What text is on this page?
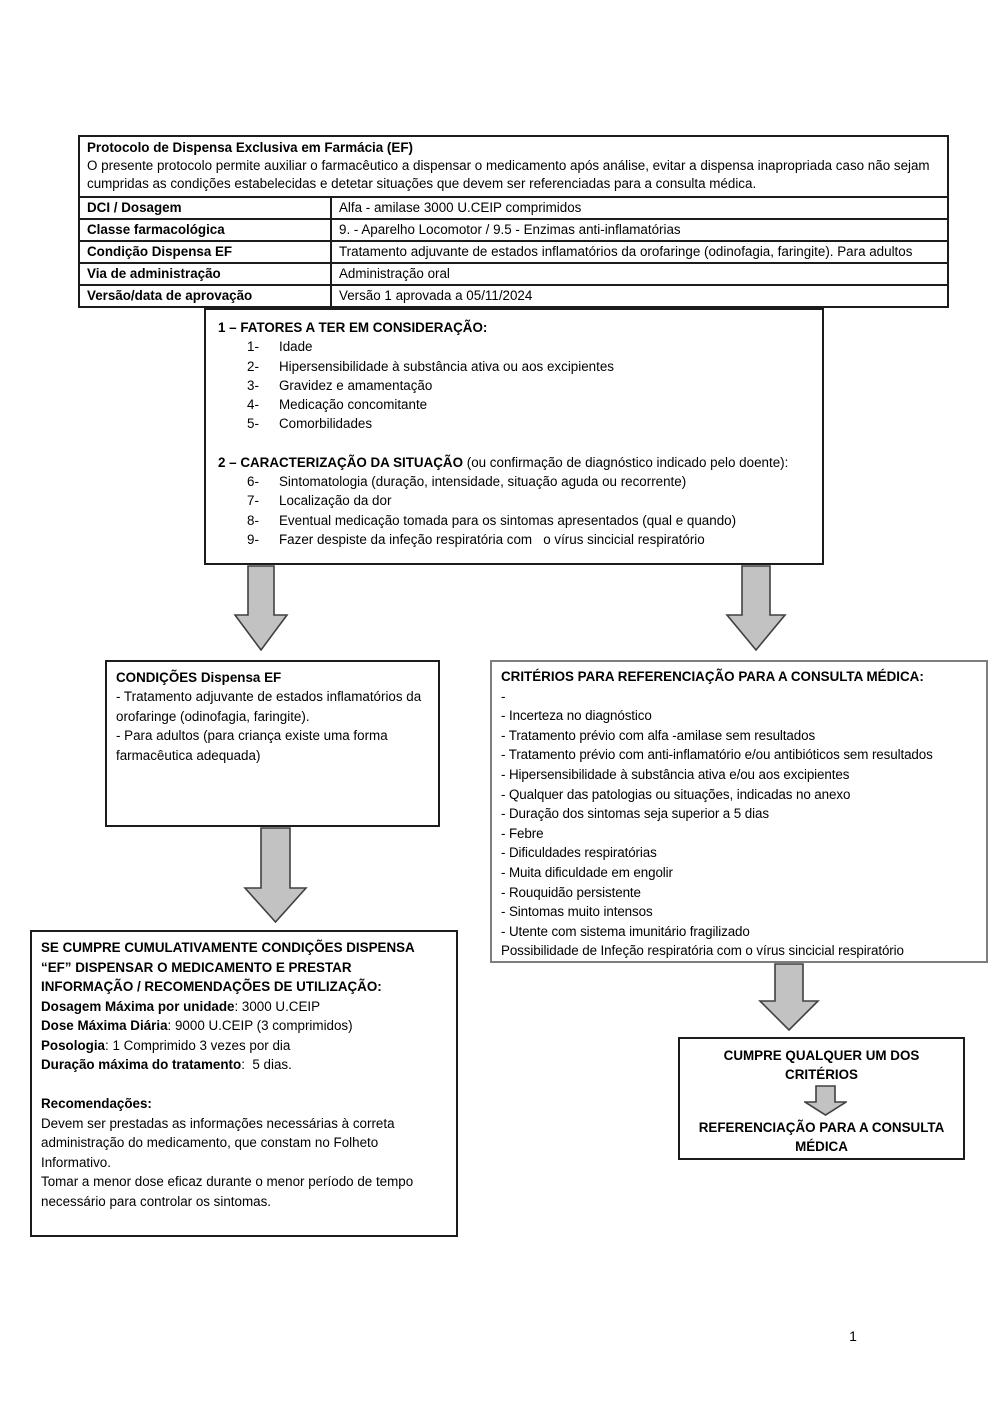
Protocolo de Dispensa Exclusiva em Farmácia (EF)
O presente protocolo permite auxiliar o farmacêutico a dispensar o medicamento após análise, evitar a dispensa inapropriada caso não sejam cumpridas as condições estabelecidas e detetar situações que devem ser referenciadas para a consulta médica.	

DCI / Dosagem	Alfa - amilase 3000 U.CEIP comprimidos
Classe farmacológica	9. - Aparelho Locomotor / 9.5 - Enzimas anti-inflamatórias
Condição Dispensa EF	Tratamento adjuvante de estados inflamatórios da orofaringe (odinofagia, faringite). Para adultos
Via de administração	Administração oral
Versão/data de aprovação	Versão 1 aprovada a 05/11/2024
1 – FATORES A TER EM CONSIDERAÇÃO:
1-	Idade
2-	Hipersensibilidade à substância ativa ou aos excipientes
3-	Gravidez e amamentação
4-	Medicação concomitante
5-	Comorbilidades
2 – CARACTERIZAÇÃO DA SITUAÇÃO (ou confirmação de diagnóstico indicado pelo doente):
6-	Sintomatologia (duração, intensidade, situação aguda ou recorrente)
7-	Localização da dor
8-	Eventual medicação tomada para os sintomas apresentados (qual e quando)
9-	Fazer despiste da infeção respiratória com   o vírus sincicial respiratório
CONDIÇÕES Dispensa EF
- Tratamento adjuvante de estados inflamatórios da orofaringe (odinofagia, faringite).
- Para adultos (para criança existe uma forma farmacêutica adequada)
CRITÉRIOS PARA REFERENCIAÇÃO PARA A CONSULTA MÉDICA:
-
- Incerteza no diagnóstico
- Tratamento prévio com alfa -amilase sem resultados
- Tratamento prévio com anti-inflamatório e/ou antibióticos sem resultados
- Hipersensibilidade à substância ativa e/ou aos excipientes
- Qualquer das patologias ou situações, indicadas no anexo
- Duração dos sintomas seja superior a 5 dias
- Febre
- Dificuldades respiratórias
- Muita dificuldade em engolir
- Rouquidão persistente
- Sintomas muito intensos
- Utente com sistema imunitário fragilizado
Possibilidade de Infeção respiratória com o vírus sincicial respiratório
SE CUMPRE CUMULATIVAMENTE CONDIÇÕES DISPENSA
“EF” DISPENSAR O MEDICAMENTO E PRESTAR
INFORMAÇÃO / RECOMENDAÇÕES DE UTILIZAÇÃO:
Dosagem Máxima por unidade: 3000 U.CEIP
Dose Máxima Diária: 9000 U.CEIP (3 comprimidos)
Posologia: 1 Comprimido 3 vezes por dia
Duração máxima do tratamento:  5 dias.
Recomendações:
Devem ser prestadas as informações necessárias à correta administração do medicamento, que constam no Folheto Informativo.
Tomar a menor dose eficaz durante o menor período de tempo necessário para controlar os sintomas.
CUMPRE QUALQUER UM DOS
CRITÉRIOS
REFERENCIAÇÃO PARA A CONSULTA
MÉDICA
1
